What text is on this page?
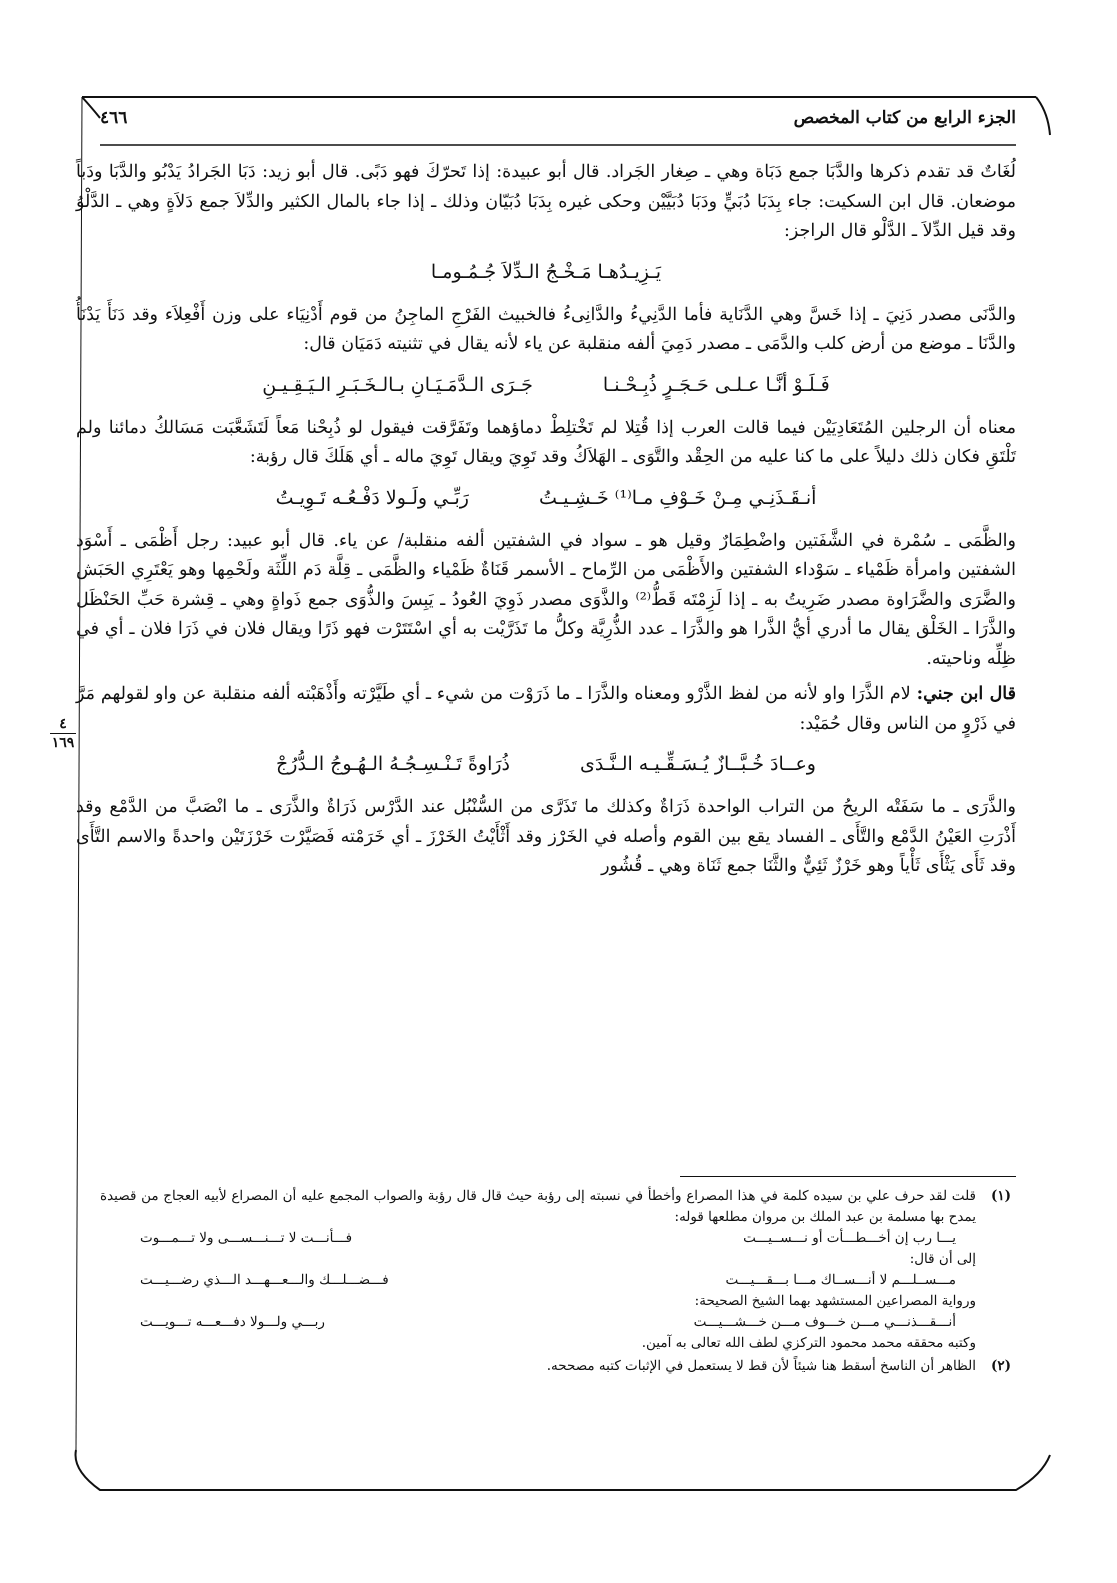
الجزء الرابع من كتاب المخصص
٤٦٦
٤
١٦٩

لُغَاتٌ قد تقدم ذكرها والدَّبَا جمع دَبَاة وهي ـ صِغار الجَراد. قال أبو عبيدة: إذا تَحرّكَ فهو دَبًى. قال أبو زيد: دَبَا الجَرادُ يَدْبُو والدَّبَا ودَباً موضعان. قال ابن السكيت: جاء بِدَبَا دُبَيٍّ ودَبَا دُبَيَّيْن وحكى غيره بِدَبَا دُبَيّان وذلك ـ إذا جاء بالمال الكثير والدِّلاَ جمع دَلاَةٍ وهي ـ الدَّلْوُ وقد قيل الدِّلاَ ـ الدَّلْو قال الراجز:

يَـزِيـدُهـا مَـخْـجُ الـدِّلاَ جُـمُـومـا

والدَّنَى مصدر دَنِيَ ـ إذا خَسَّ وهي الدَّنَاية فأما الدَّنِيءُ والدَّانِىءُ فالخبيث الفَرْجِ الماجِنُ من قوم أَدْنِيَاء على وزن أَفْعِلاَء وقد دَنَأَ يَدْنَأُ والدَّنَا ـ موضع من أرض كلب والدَّمَى ـ مصدر دَمِيَ ألفه منقلبة عن ياء لأنه يقال في تثنيته دَمَيَان قال:

فَـلَـوْ أنَّـا عـلـى حَـجَـرٍ ذُبِـحْـنـا
جَـرَى الـدَّمَـيَـانِ بـالـخَـبَـرِ الـيَـقِـيـنِ

معناه أن الرجلين المُتَعَادِيَيْن فيما قالت العرب إذا قُتِلا لم تَخْتلِطْ دماؤهما وتَفَرَّقت فيقول لو ذُبِحْنا مَعاً لَتَشَعَّبَت مَسَالكُ دمائنا ولم تَلْتَقِ فكان ذلك دليلاً على ما كنا عليه من الحِقْد والتَّوَى ـ الهَلاَكُ وقد تَوِيَ ويقال تَوِيَ ماله ـ أي هَلَكَ قال رؤبة:

أنـقَـذَنِـي مِـنْ خَـوْفِ مـا⁽¹⁾ خَـشِـيـتُ
رَبِّـي ولَـولا دَفْـعُـه تَـوِيـتُ

والظَّمَى ـ سُمْرة في الشَّفَتين واضْطِمَارٌ وقيل هو ـ سواد في الشفتين ألفه منقلبة/ عن ياء. قال أبو عبيد: رجل أَظْمَى ـ أَسْوَد الشفتين وامرأة ظَمْياء ـ سَوْداء الشفتين والأَظْمَى من الرِّماح ـ الأسمر قَنَاةٌ ظَمْياء والظَّمَى ـ قِلَّة دَم اللِّثَة ولَحْمِها وهو يَعْتَرِي الحَبَش والضَّرَى والضَّرَاوة مصدر ضَرِيتُ به ـ إذا لَزِمْتَه قَطُّ⁽²⁾ والذَّوَى مصدر ذَوِيَ العُودُ ـ يَبِسَ والذُّوَى جمع ذَواةٍ وهي ـ قِشرة حَبِّ الحَنْظَل والذَّرَا ـ الخَلْق يقال ما أدري أيُّ الذَّرا هو والذَّرَا ـ عدد الذُّرِيَّة وكلُّ ما تَذَرَّيْت به أي اسْتَتَرْت فهو ذَرًا ويقال فلان في ذَرَا فلان ـ أي في ظِلِّه وناحيته.

قال ابن جني: لام الذَّرَا واو لأنه من لفظ الذَّرْو ومعناه والذَّرَا ـ ما ذَرَوْت من شيء ـ أي طَيَّرْته وأَذْهَبْته ألفه منقلبة عن واو لقولهم مَرَّ في ذَرْوٍ من الناس وقال حُمَيْد:

وعــادَ خُـبَّــازٌ يُـسَـقِّـيـه الـنَّـدَى
ذُرَاوةً تَـنْـسِـجُـهُ الـهُـوجُ الـدُّرُجْ

والذَّرَى ـ ما سَفَتْه الريحُ من التراب الواحدة ذَرَاةٌ وكذلك ما تَذَرَّى من السُّنْبُل عند الدَّرْس ذَرَاةٌ والذَّرَى ـ ما انْصَبَّ من الدَّمْع وقد أَذْرَتِ العَيْنُ الدَّمْع والتَّأَى ـ الفساد يقع بين القوم وأصله في الخَرْز وقد أَثْأَيْتُ الخَرْزَ ـ أي خَرَمْته فَصَيَّرْت خَرْزَتَيْن واحدةً والاسم التَّأَى وقد ثَأَى يَثْأَى ثَأْياً وهو خَرْزٌ ثَئِيٌّ والثَّنَا جمع ثَنَاة وهي ـ قُشُور

(١)
قلت لقد حرف علي بن سيده كلمة في هذا المصراع وأخطأ في نسبته إلى رؤبة حيث قال قال رؤبة والصواب المجمع عليه أن المصراع لأبيه العجاج من قصيدة يمدح بها مسلمة بن عبد الملك بن مروان مطلعها قوله:
يـــا رب إن أخـــطـــأت أو نـــســيـــت
فـــأنـــت لا تـــنـــســـى ولا تـــمـــوت
إلى أن قال:
مـــســلـــم لا أنـــســاك مـــا بـــقـــيـــت
فـــضـــلـــك والـــعـــهـــد الـــذي رضـــيـــت
ورواية المصراعين المستشهد بهما الشيخ الصحيحة:
أنـــقـــذنـــي مـــن خـــوف مـــن خـــشـــيـــت
ربـــي ولـــولا دفـــعـــه تـــويـــت
وكتبه محققه محمد محمود التركزي لطف الله تعالى به آمين.
(٢)
الظاهر أن الناسخ أسقط هنا شيئاً لأن قط لا يستعمل في الإثبات كتبه مصححه.
